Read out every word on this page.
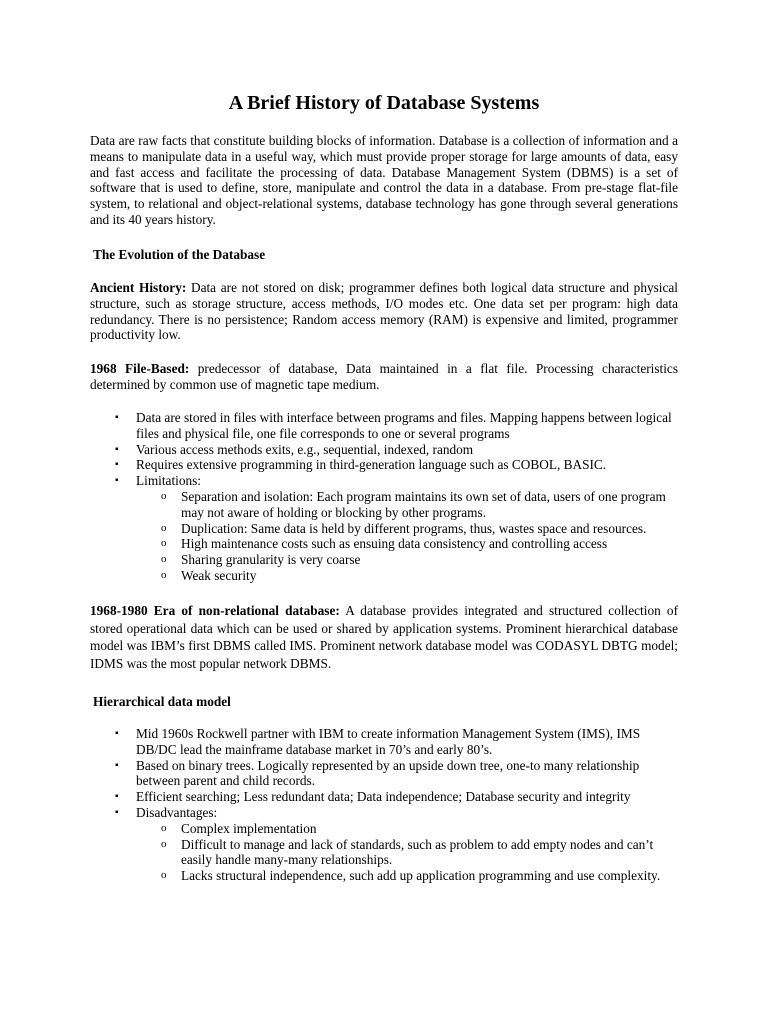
A Brief History of Database Systems

Data are raw facts that constitute building blocks of information. Database is a collection of information and a means to manipulate data in a useful way, which must provide proper storage for large amounts of data, easy and fast access and facilitate the processing of data. Database Management System (DBMS) is a set of software that is used to define, store, manipulate and control the data in a database. From pre-stage flat-file system, to relational and object-relational systems, database technology has gone through several generations and its 40 years history.

The Evolution of the Database

Ancient History: Data are not stored on disk; programmer defines both logical data structure and physical structure, such as storage structure, access methods, I/O modes etc. One data set per program: high data redundancy. There is no persistence; Random access memory (RAM) is expensive and limited, programmer productivity low.

1968 File-Based: predecessor of database, Data maintained in a flat file. Processing characteristics determined by common use of magnetic tape medium.

▪ Data are stored in files with interface between programs and files. Mapping happens between logical files and physical file, one file corresponds to one or several programs
▪ Various access methods exits, e.g., sequential, indexed, random
▪ Requires extensive programming in third-generation language such as COBOL, BASIC.
▪ Limitations:
o Separation and isolation: Each program maintains its own set of data, users of one program may not aware of holding or blocking by other programs.
o Duplication: Same data is held by different programs, thus, wastes space and resources.
o High maintenance costs such as ensuing data consistency and controlling access
o Sharing granularity is very coarse
o Weak security

1968-1980 Era of non-relational database: A database provides integrated and structured collection of stored operational data which can be used or shared by application systems. Prominent hierarchical database model was IBM’s first DBMS called IMS. Prominent network database model was CODASYL DBTG model; IDMS was the most popular network DBMS.

Hierarchical data model
▪ Mid 1960s Rockwell partner with IBM to create information Management System (IMS), IMS DB/DC lead the mainframe database market in 70’s and early 80’s.
▪ Based on binary trees. Logically represented by an upside down tree, one-to many relationship between parent and child records.
▪ Efficient searching; Less redundant data; Data independence; Database security and integrity
▪ Disadvantages:
o Complex implementation
o Difficult to manage and lack of standards, such as problem to add empty nodes and can’t easily handle many-many relationships.
o Lacks structural independence, such add up application programming and use complexity.
